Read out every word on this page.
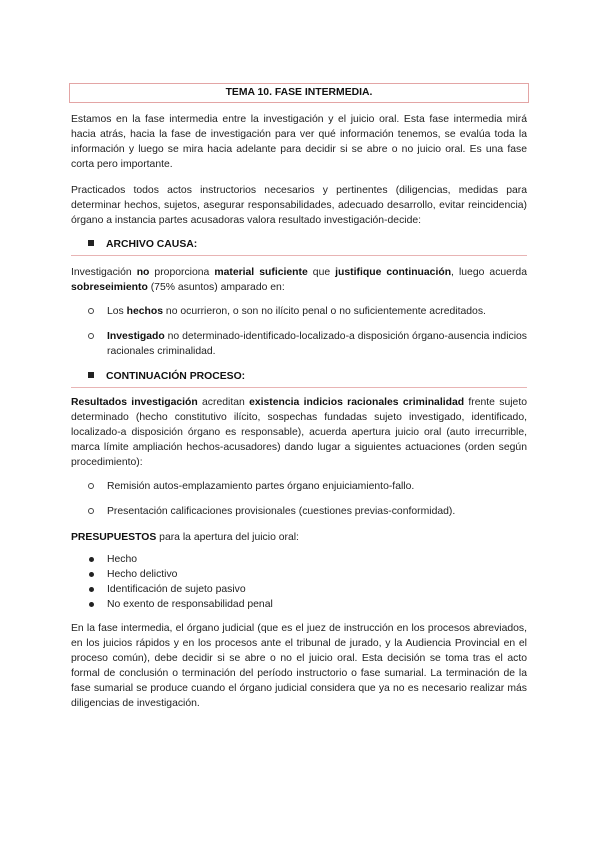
TEMA 10. FASE INTERMEDIA.
Estamos en la fase intermedia entre la investigación y el juicio oral. Esta fase intermedia mirá hacia atrás, hacia la fase de investigación para ver qué información tenemos, se evalúa toda la información y luego se mira hacia adelante para decidir si se abre o no juicio oral. Es una fase corta pero importante.
Practicados todos actos instructorios necesarios y pertinentes (diligencias, medidas para determinar hechos, sujetos, asegurar responsabilidades, adecuado desarrollo, evitar reincidencia) órgano a instancia partes acusadoras valora resultado investigación-decide:
ARCHIVO CAUSA:
Investigación no proporciona material suficiente que justifique continuación, luego acuerda sobreseimiento (75% asuntos) amparado en:
Los hechos no ocurrieron, o son no ilícito penal o no suficientemente acreditados.
Investigado no determinado-identificado-localizado-a disposición órgano-ausencia indicios racionales criminalidad.
CONTINUACIÓN PROCESO:
Resultados investigación acreditan existencia indicios racionales criminalidad frente sujeto determinado (hecho constitutivo ilícito, sospechas fundadas sujeto investigado, identificado, localizado-a disposición órgano es responsable), acuerda apertura juicio oral (auto irrecurrible, marca límite ampliación hechos-acusadores) dando lugar a siguientes actuaciones (orden según procedimiento):
Remisión autos-emplazamiento partes órgano enjuiciamiento-fallo.
Presentación calificaciones provisionales (cuestiones previas-conformidad).
PRESUPUESTOS para la apertura del juicio oral:
Hecho
Hecho delictivo
Identificación de sujeto pasivo
No exento de responsabilidad penal
En la fase intermedia, el órgano judicial (que es el juez de instrucción en los procesos abreviados, en los juicios rápidos y en los procesos ante el tribunal de jurado, y la Audiencia Provincial en el proceso común), debe decidir si se abre o no el juicio oral. Esta decisión se toma tras el acto formal de conclusión o terminación del período instructorio o fase sumarial. La terminación de la fase sumarial se produce cuando el órgano judicial considera que ya no es necesario realizar más diligencias de investigación.
